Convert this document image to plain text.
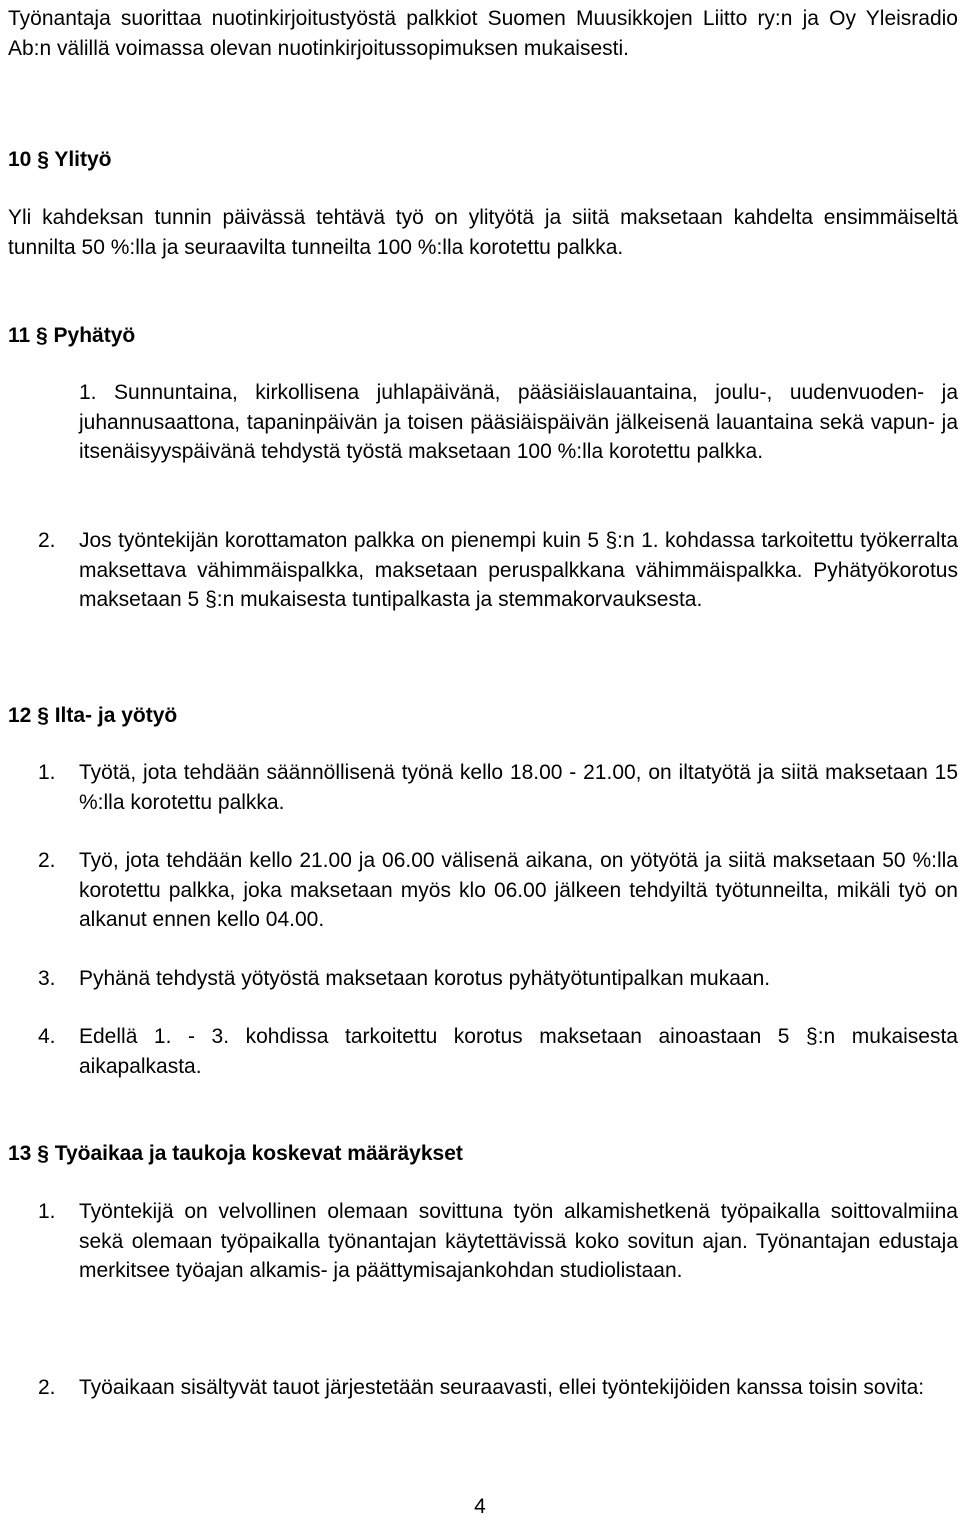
Työnantaja suorittaa nuotinkirjoitustyöstä palkkiot Suomen Muusikkojen Liitto ry:n ja Oy Yleisradio Ab:n välillä voimassa olevan nuotinkirjoitussopimuksen mukaisesti.

10 § Ylityö

Yli kahdeksan tunnin päivässä tehtävä työ on ylityötä ja siitä maksetaan kahdelta ensimmäiseltä tunnilta 50 %:lla ja seuraavilta tunneilta 100 %:lla korotettu palkka.

11 § Pyhätyö

1. Sunnuntaina, kirkollisena juhlapäivänä, pääsiäislauantaina, joulu-, uudenvuoden- ja juhannusaattona, tapaninpäivän ja toisen pääsiäispäivän jälkeisenä lauantaina sekä vapun- ja itsenäisyyspäivänä tehdystä työstä maksetaan 100 %:lla korotettu palkka.

2. Jos työntekijän korottamaton palkka on pienempi kuin 5 §:n 1. kohdassa tarkoitettu työkerralta maksettava vähimmäispalkka, maksetaan peruspalkkana vähimmäispalkka. Pyhätyökorotus maksetaan 5 §:n mukaisesta tuntipalkasta ja stemmakorvauksesta.

12 § Ilta- ja yötyö
1. Työtä, jota tehdään säännöllisenä työnä kello 18.00 - 21.00, on iltatyötä ja siitä maksetaan 15 %:lla korotettu palkka.

2. Työ, jota tehdään kello 21.00 ja 06.00 välisenä aikana, on yötyötä ja siitä maksetaan 50 %:lla korotettu palkka, joka maksetaan myös klo 06.00 jälkeen tehdyiltä työtunneilta, mikäli työ on alkanut ennen kello 04.00.

3. Pyhänä tehdystä yötyöstä maksetaan korotus pyhätyötuntipalkan mukaan.

4. Edellä 1. - 3. kohdissa tarkoitettu korotus maksetaan ainoastaan 5 §:n mukaisesta aikapalkasta.

13 § Työaikaa ja taukoja koskevat määräykset
1. Työntekijä on velvollinen olemaan sovittuna työn alkamishetkenä työpaikalla soittovalmiina sekä olemaan työpaikalla työnantajan käytettävissä koko sovitun ajan. Työnantajan edustaja merkitsee työajan alkamis- ja päättymisajankohdan studiolistaan.

2. Työaikaan sisältyvät tauot järjestetään seuraavasti, ellei työntekijöiden kanssa toisin sovita:

4
